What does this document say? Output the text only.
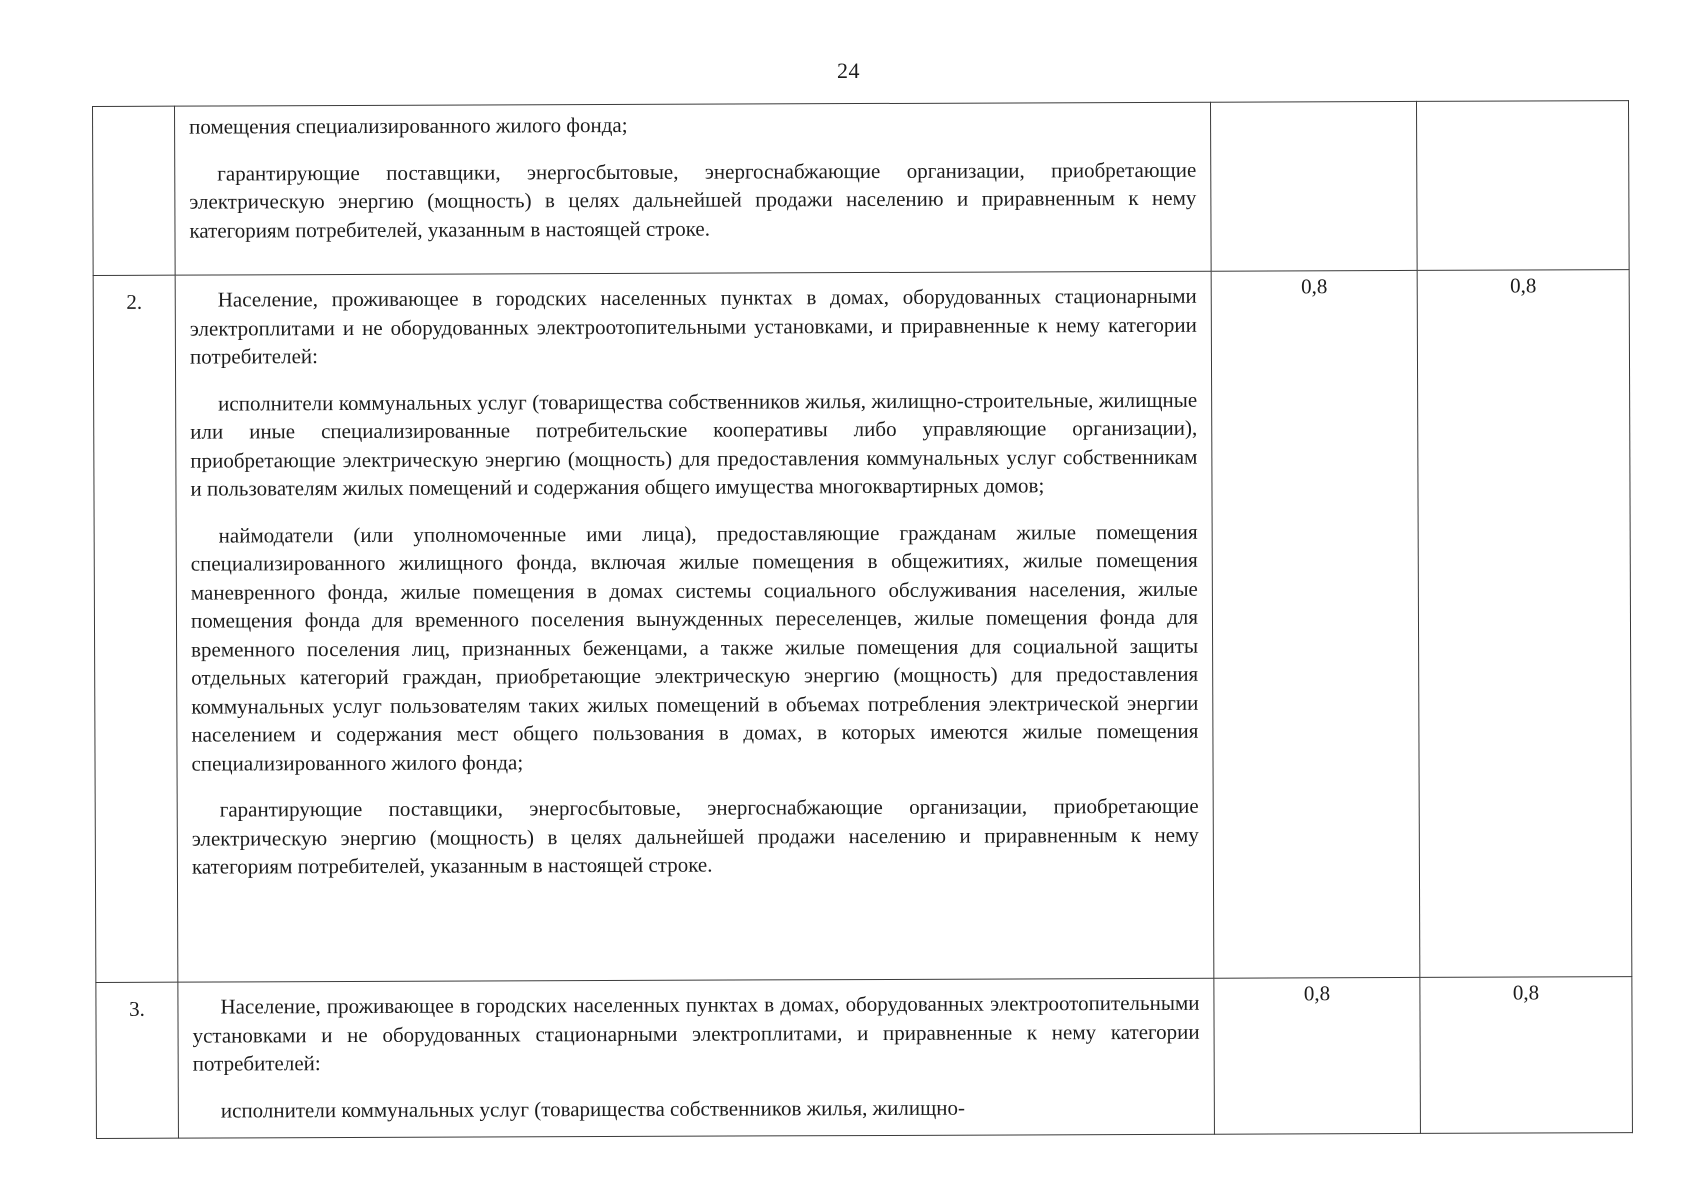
24

	помещения специализированного жилого фонда;

гарантирующие поставщики, энергосбытовые, энергоснабжающие организации, приобретающие электрическую энергию (мощность) в целях дальнейшей продажи населению и приравненным к нему категориям потребителей, указанным в настоящей строке.		

2.	Население, проживающее в городских населенных пунктах в домах, оборудованных стационарными электроплитами и не оборудованных электроотопительными установками, и приравненные к нему категории потребителей:

исполнители коммунальных услуг (товарищества собственников жилья, жилищно-строительные, жилищные или иные специализированные потребительские кооперативы либо управляющие организации), приобретающие электрическую энергию (мощность) для предоставления коммунальных услуг собственникам и пользователям жилых помещений и содержания общего имущества многоквартирных домов;

наймодатели (или уполномоченные ими лица), предоставляющие гражданам жилые помещения специализированного жилищного фонда, включая жилые помещения в общежитиях, жилые помещения маневренного фонда, жилые помещения в домах системы социального обслуживания населения, жилые помещения фонда для временного поселения вынужденных переселенцев, жилые помещения фонда для временного поселения лиц, признанных беженцами, а также жилые помещения для социальной защиты отдельных категорий граждан, приобретающие электрическую энергию (мощность) для предоставления коммунальных услуг пользователям таких жилых помещений в объемах потребления электрической энергии населением и содержания мест общего пользования в домах, в которых имеются жилые помещения специализированного жилого фонда;

гарантирующие поставщики, энергосбытовые, энергоснабжающие организации, приобретающие электрическую энергию (мощность) в целях дальнейшей продажи населению и приравненным к нему категориям потребителей, указанным в настоящей строке.	0,8	0,8
3.	Население, проживающее в городских населенных пунктах в домах, оборудованных электроотопительными установками и не оборудованных стационарными электроплитами, и приравненные к нему категории потребителей:

исполнители коммунальных услуг (товарищества собственников жилья, жилищно-	0,8	0,8
